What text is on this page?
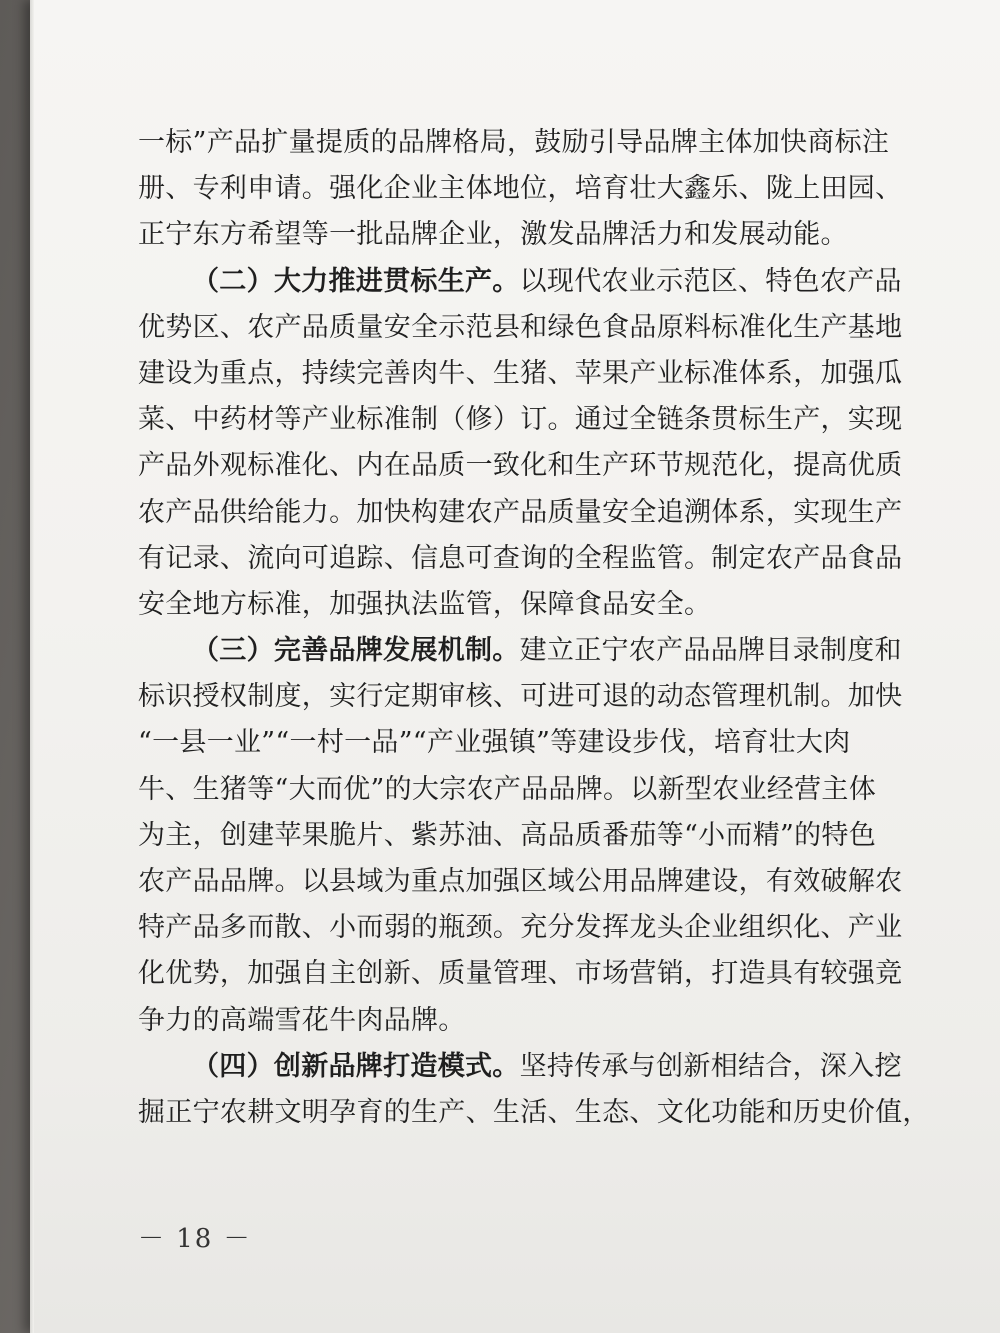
一标”产品扩量提质的品牌格局，鼓励引导品牌主体加快商标注
册、专利申请。强化企业主体地位，培育壮大鑫乐、陇上田园、
正宁东方希望等一批品牌企业，激发品牌活力和发展动能。
（二）大力推进贯标生产。以现代农业示范区、特色农产品
优势区、农产品质量安全示范县和绿色食品原料标准化生产基地
建设为重点，持续完善肉牛、生猪、苹果产业标准体系，加强瓜
菜、中药材等产业标准制（修）订。通过全链条贯标生产，实现
产品外观标准化、内在品质一致化和生产环节规范化，提高优质
农产品供给能力。加快构建农产品质量安全追溯体系，实现生产
有记录、流向可追踪、信息可查询的全程监管。制定农产品食品
安全地方标准，加强执法监管，保障食品安全。
（三）完善品牌发展机制。建立正宁农产品品牌目录制度和
标识授权制度，实行定期审核、可进可退的动态管理机制。加快
“一县一业”“一村一品”“产业强镇”等建设步伐，培育壮大肉
牛、生猪等“大而优”的大宗农产品品牌。以新型农业经营主体
为主，创建苹果脆片、紫苏油、高品质番茄等“小而精”的特色
农产品品牌。以县域为重点加强区域公用品牌建设，有效破解农
特产品多而散、小而弱的瓶颈。充分发挥龙头企业组织化、产业
化优势，加强自主创新、质量管理、市场营销，打造具有较强竞
争力的高端雪花牛肉品牌。
（四）创新品牌打造模式。坚持传承与创新相结合，深入挖
掘正宁农耕文明孕育的生产、生活、生态、文化功能和历史价值，
－ 18 －
